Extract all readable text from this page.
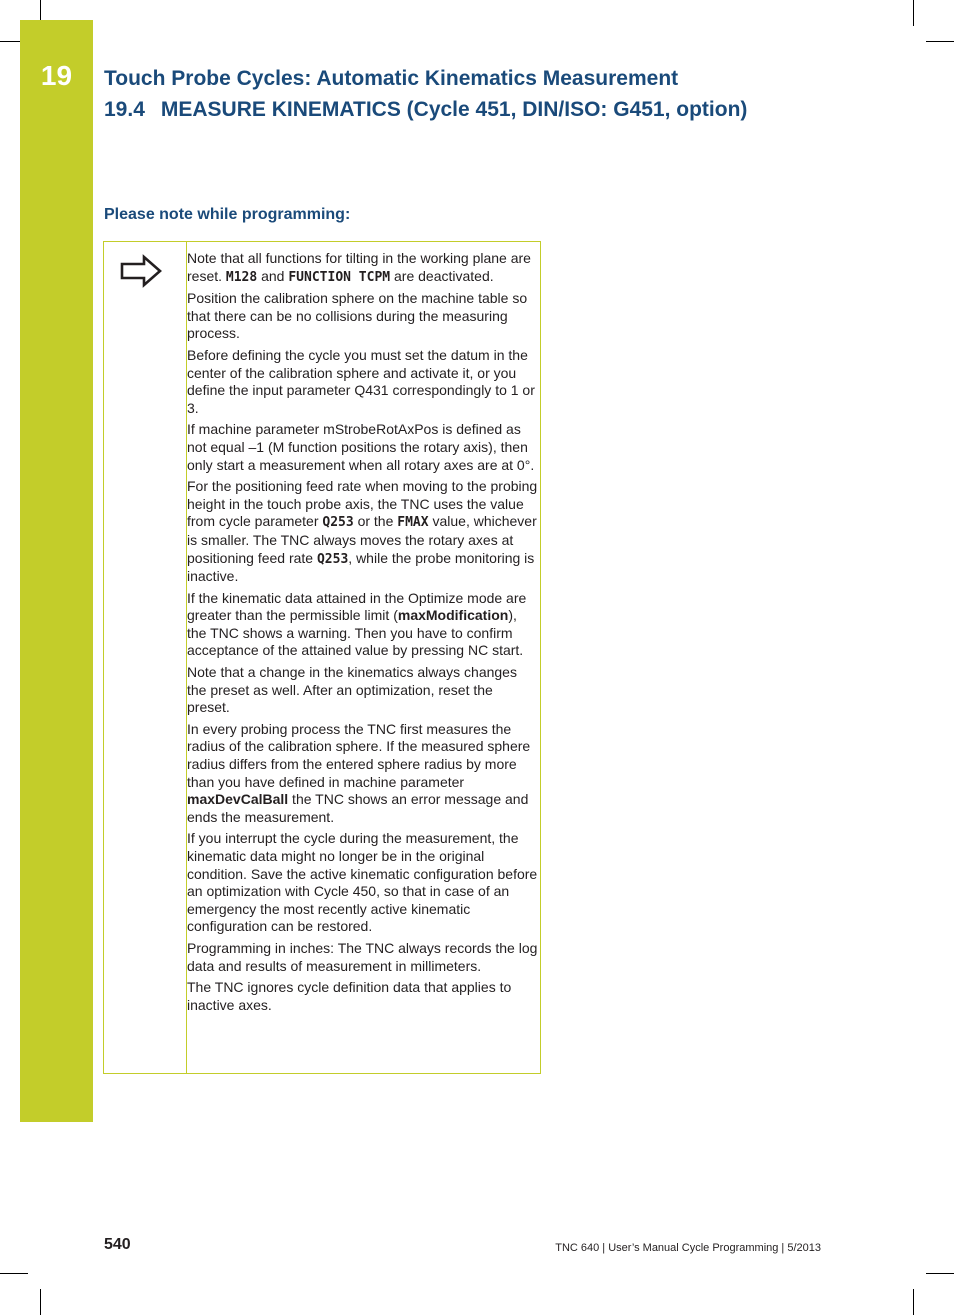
19	Touch Probe Cycles: Automatic Kinematics Measurement
19.4 MEASURE KINEMATICS (Cycle 451, DIN/ISO: G451, option)
Please note while programming:

Note that all functions for tilting in the working plane are reset. M128 and FUNCTION TCPM are deactivated.

Position the calibration sphere on the machine table so that there can be no collisions during the measuring process.

Before defining the cycle you must set the datum in the center of the calibration sphere and activate it, or you define the input parameter Q431 correspondingly to 1 or 3.

If machine parameter mStrobeRotAxPos is defined as not equal –1 (M function positions the rotary axis), then only start a measurement when all rotary axes are at 0°.

For the positioning feed rate when moving to the probing height in the touch probe axis, the TNC uses the value from cycle parameter Q253 or the FMAX value, whichever is smaller. The TNC always moves the rotary axes at positioning feed rate Q253, while the probe monitoring is inactive.

If the kinematic data attained in the Optimize mode are greater than the permissible limit (maxModification), the TNC shows a warning. Then you have to confirm acceptance of the attained value by pressing NC start.

Note that a change in the kinematics always changes the preset as well. After an optimization, reset the preset.

In every probing process the TNC first measures the radius of the calibration sphere. If the measured sphere radius differs from the entered sphere radius by more than you have defined in machine parameter maxDevCalBall the TNC shows an error message and ends the measurement.

If you interrupt the cycle during the measurement, the kinematic data might no longer be in the original condition. Save the active kinematic configuration before an optimization with Cycle 450, so that in case of an emergency the most recently active kinematic configuration can be restored.

Programming in inches: The TNC always records the log data and results of measurement in millimeters.

The TNC ignores cycle definition data that applies to inactive axes.

540	TNC 640 | User’s Manual Cycle Programming | 5/2013
